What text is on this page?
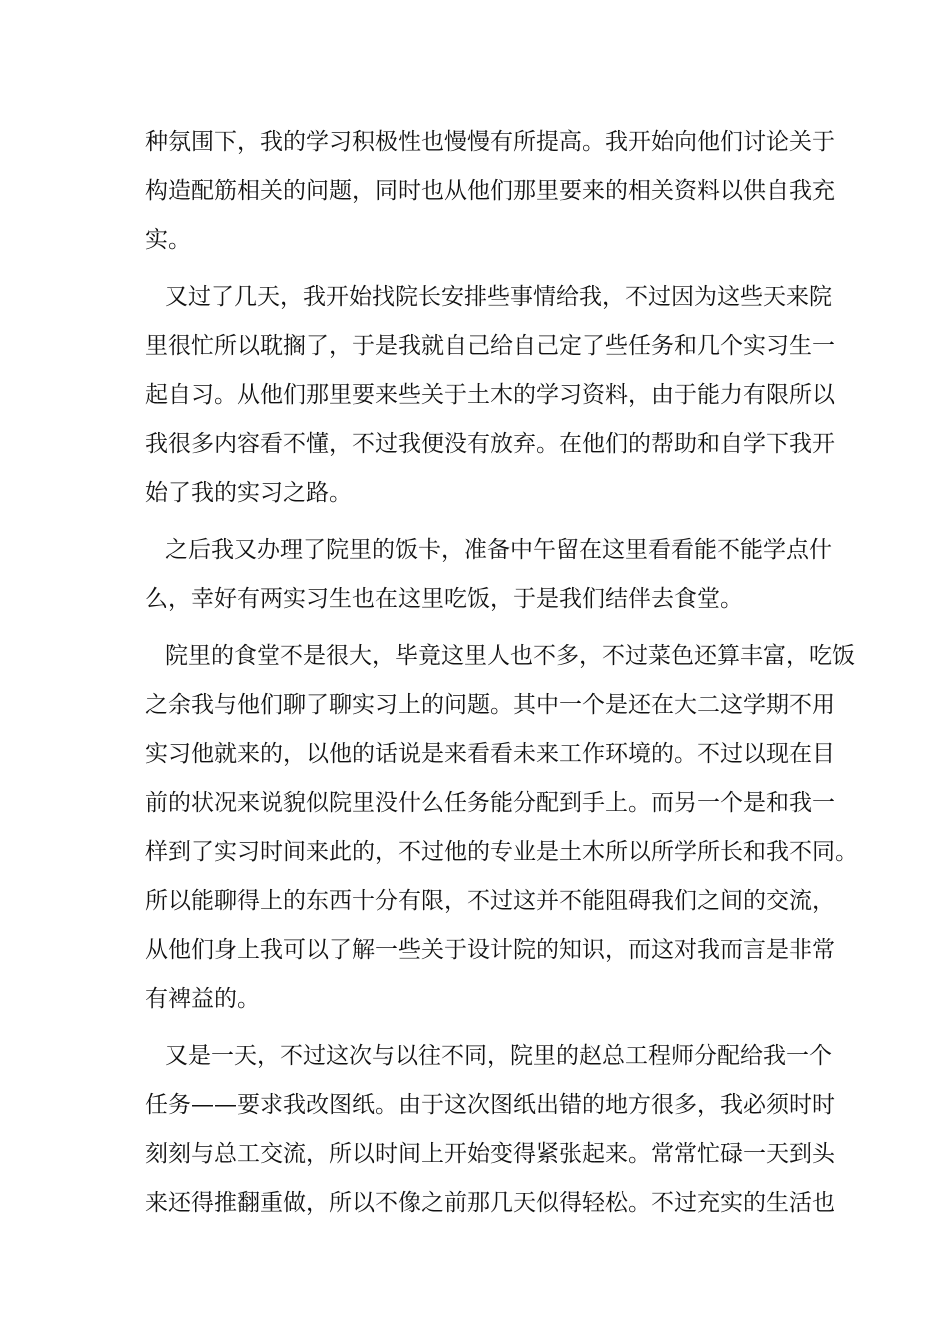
种氛围下，我的学习积极性也慢慢有所提高。我开始向他们讨论关于
构造配筋相关的问题，同时也从他们那里要来的相关资料以供自我充
实。
又过了几天，我开始找院长安排些事情给我，不过因为这些天来院
里很忙所以耽搁了，于是我就自己给自己定了些任务和几个实习生一
起自习。从他们那里要来些关于土木的学习资料，由于能力有限所以
我很多内容看不懂，不过我便没有放弃。在他们的帮助和自学下我开
始了我的实习之路。
之后我又办理了院里的饭卡，准备中午留在这里看看能不能学点什
么，幸好有两实习生也在这里吃饭，于是我们结伴去食堂。
院里的食堂不是很大，毕竟这里人也不多，不过菜色还算丰富，吃饭
之余我与他们聊了聊实习上的问题。其中一个是还在大二这学期不用
实习他就来的，以他的话说是来看看未来工作环境的。不过以现在目
前的状况来说貌似院里没什么任务能分配到手上。而另一个是和我一
样到了实习时间来此的，不过他的专业是土木所以所学所长和我不同。
所以能聊得上的东西十分有限，不过这并不能阻碍我们之间的交流，
从他们身上我可以了解一些关于设计院的知识，而这对我而言是非常
有裨益的。
又是一天，不过这次与以往不同，院里的赵总工程师分配给我一个
任务——要求我改图纸。由于这次图纸出错的地方很多，我必须时时
刻刻与总工交流，所以时间上开始变得紧张起来。常常忙碌一天到头
来还得推翻重做，所以不像之前那几天似得轻松。不过充实的生活也
